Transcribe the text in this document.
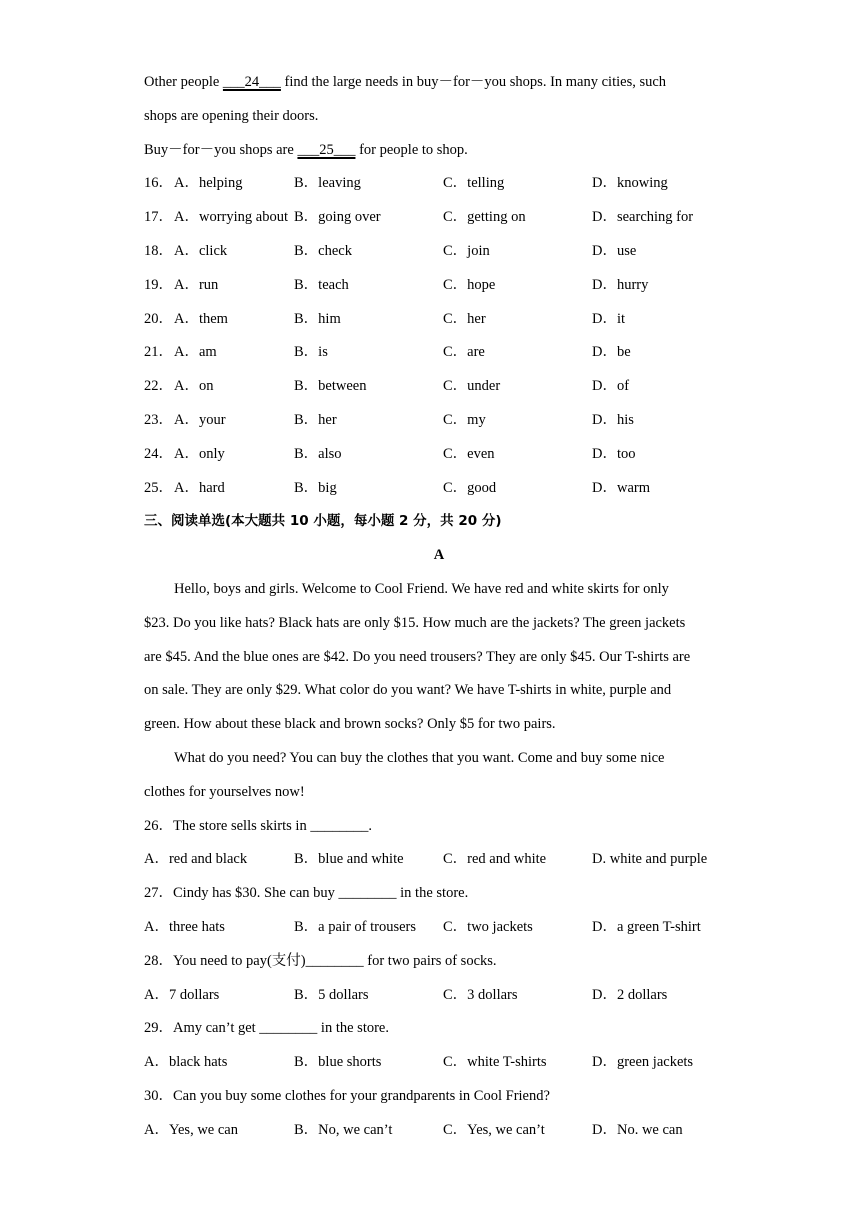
Other people ___24___ find the large needs in buy－for－you shops. In many cities, such
shops are opening their doors.
Buy－for－you shops are ___25___ for people to shop.
16． A．helping	B．leaving	C．telling	D．knowing
17． A．worrying about B．going over	C．getting on	D．searching for
18． A．click	B．check	C．join	D．use
19． A．run	B．teach	C．hope	D．hurry
20． A．them	B．him	C．her	D．it
21． A．am	B．is	C．are	D．be
22． A．on	B．between	C．under	D．of
23． A．your	B．her	C．my	D．his
24． A．only	B．also	C．even	D．too
25． A．hard	B．big	C．good	D．warm
三、阅读单选(本大题共 10 小题，每小题 2 分，共 20 分)
A
Hello, boys and girls. Welcome to Cool Friend. We have red and white skirts for only
$23. Do you like hats? Black hats are only $15. How much are the jackets? The green jackets
are $45. And the blue ones are $42. Do you need trousers? They are only $45. Our T-shirts are
on sale. They are only $29. What color do you want? We have T-shirts in white, purple and
green. How about these black and brown socks? Only $5 for two pairs.
What do you need? You can buy the clothes that you want. Come and buy some nice
clothes for yourselves now!
26．The store sells skirts in ________.
A．red and black	B．blue and white	C．red and white	D. white and purple
27．Cindy has $30. She can buy ________ in the store.
A．three hats	B．a pair of trousers C．two jackets	D．a green T-shirt
28．You need to pay(支付)________ for two pairs of socks.
A．7 dollars	B．5 dollars	C．3 dollars	D．2 dollars
29．Amy can’t get ________ in the store.
A．black hats	B．blue shorts	C．white T-shirts	D．green jackets
30．Can you buy some clothes for your grandparents in Cool Friend?
A．Yes, we can	B．No, we can’t	C．Yes, we can’t	D．No. we can
